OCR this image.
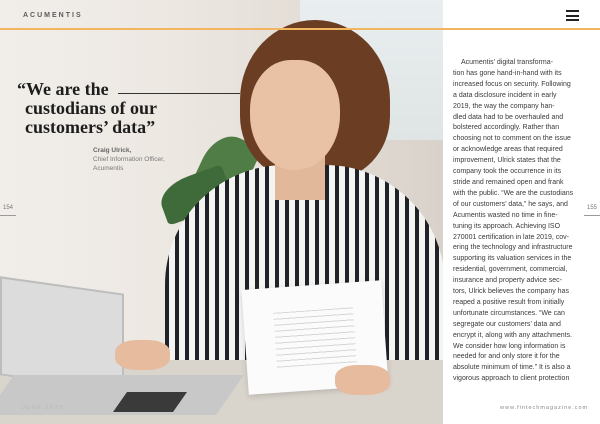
ACUMENTIS
“We are the
custodians of our
customers’ data”
Craig Ulrick,
Chief Information Officer,
Acumentis
154	155
Acumentis’ digital transforma-
tion has gone hand-in-hand with its
increased focus on security. Following
a data disclosure incident in early
2019, the way the company han-
dled data had to be overhauled and
bolstered accordingly. Rather than
choosing not to comment on the issue
or acknowledge areas that required
improvement, Ulrick states that the
company took the occurrence in its
stride and remained open and frank
with the public. “We are the custodians
of our customers’ data,” he says, and
Acumentis wasted no time in fine-
tuning its approach. Achieving ISO
270001 certification in late 2019, cov-
ering the technology and infrastructure
supporting its valuation services in the
residential, government, commercial,
insurance and property advice sec-
tors, Ulrick believes the company has
reaped a positive result from initially
unfortunate circumstances. “We can
segregate our customers’ data and
encrypt it, along with any attachments.
We consider how long information is
needed for and only store it for the
absolute minimum of time.” It is also a
vigorous approach to client protection
JUNE 2020	www.fintechmagazine.com
